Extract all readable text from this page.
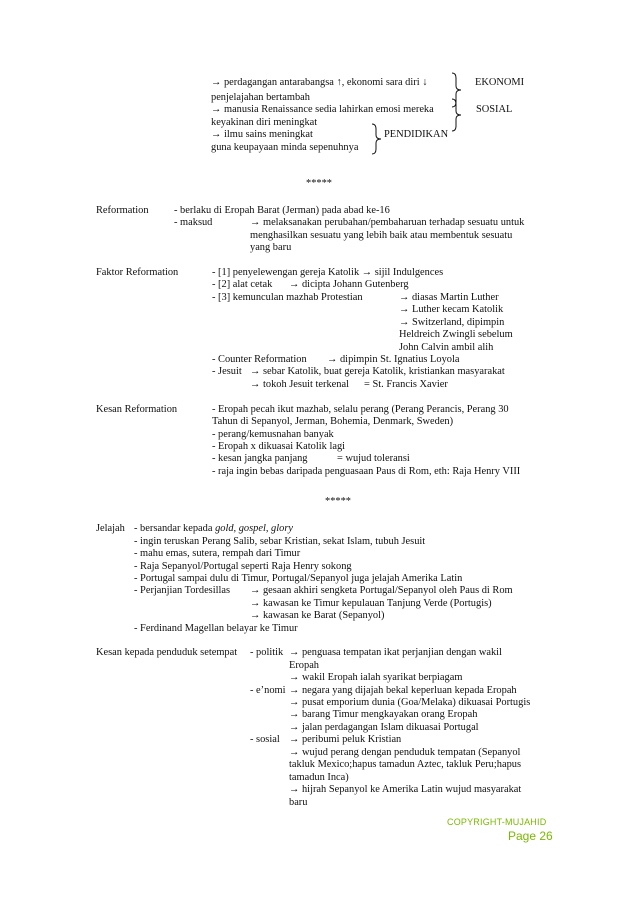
→ perdagangan antarabangsa ↑, ekonomi sara diri ↓
penjelajahan bertambah
→ manusia Renaissance sedia lahirkan emosi mereka
keyakinan diri meningkat
→ ilmu sains meningkat
guna keupayaan minda sepenuhnya
EKONOMI
SOSIAL
PENDIDIKAN
*****
Reformation - berlaku di Eropah Barat (Jerman) pada abad ke-16
- maksud	→ melaksanakan perubahan/pembaharuan terhadap sesuatu untuk
menghasilkan sesuatu yang lebih baik atau membentuk sesuatu
yang baru
Faktor Reformation	- [1] penyelewengan gereja Katolik → sijil Indulgences
- [2] alat cetak → dicipta Johann Gutenberg
- [3] kemunculan mazhab Protestian	→ diasas Martin Luther
→ Luther kecam Katolik
→ Switzerland, dipimpin
Heldreich Zwingli sebelum
John Calvin ambil alih
- Counter Reformation → dipimpin St. Ignatius Loyola
- Jesuit → sebar Katolik, buat gereja Katolik, kristiankan masyarakat
→ tokoh Jesuit terkenal = St. Francis Xavier
Kesan Reformation	- Eropah pecah ikut mazhab, selalu perang (Perang Perancis, Perang 30
Tahun di Sepanyol, Jerman, Bohemia, Denmark, Sweden)
- perang/kemusnahan banyak
- Eropah x dikuasai Katolik lagi
- kesan jangka panjang	= wujud toleransi
- raja ingin bebas daripada penguasaan Paus di Rom, eth: Raja Henry VIII
*****
Jelajah - bersandar kepada gold, gospel, glory
- ingin teruskan Perang Salib, sebar Kristian, sekat Islam, tubuh Jesuit
- mahu emas, sutera, rempah dari Timur
- Raja Sepanyol/Portugal seperti Raja Henry sokong
- Portugal sampai dulu di Timur, Portugal/Sepanyol juga jelajah Amerika Latin
- Perjanjian Tordesillas → gesaan akhiri sengketa Portugal/Sepanyol oleh Paus di Rom
→ kawasan ke Timur kepulauan Tanjung Verde (Portugis)
→ kawasan ke Barat (Sepanyol)
- Ferdinand Magellan belayar ke Timur
Kesan kepada penduduk setempat - politik → penguasa tempatan ikat perjanjian dengan wakil
Eropah
→ wakil Eropah ialah syarikat berpiagam
- e’nomi → negara yang dijajah bekal keperluan kepada Eropah
→ pusat emporium dunia (Goa/Melaka) dikuasai Portugis
→ barang Timur mengkayakan orang Eropah
→ jalan perdagangan Islam dikuasai Portugal
- sosial → peribumi peluk Kristian
→ wujud perang dengan penduduk tempatan (Sepanyol
takluk Mexico;hapus tamadun Aztec, takluk Peru;hapus
tamadun Inca)
→ hijrah Sepanyol ke Amerika Latin wujud masyarakat
baru
COPYRIGHT-MUJAHID
Page 26
